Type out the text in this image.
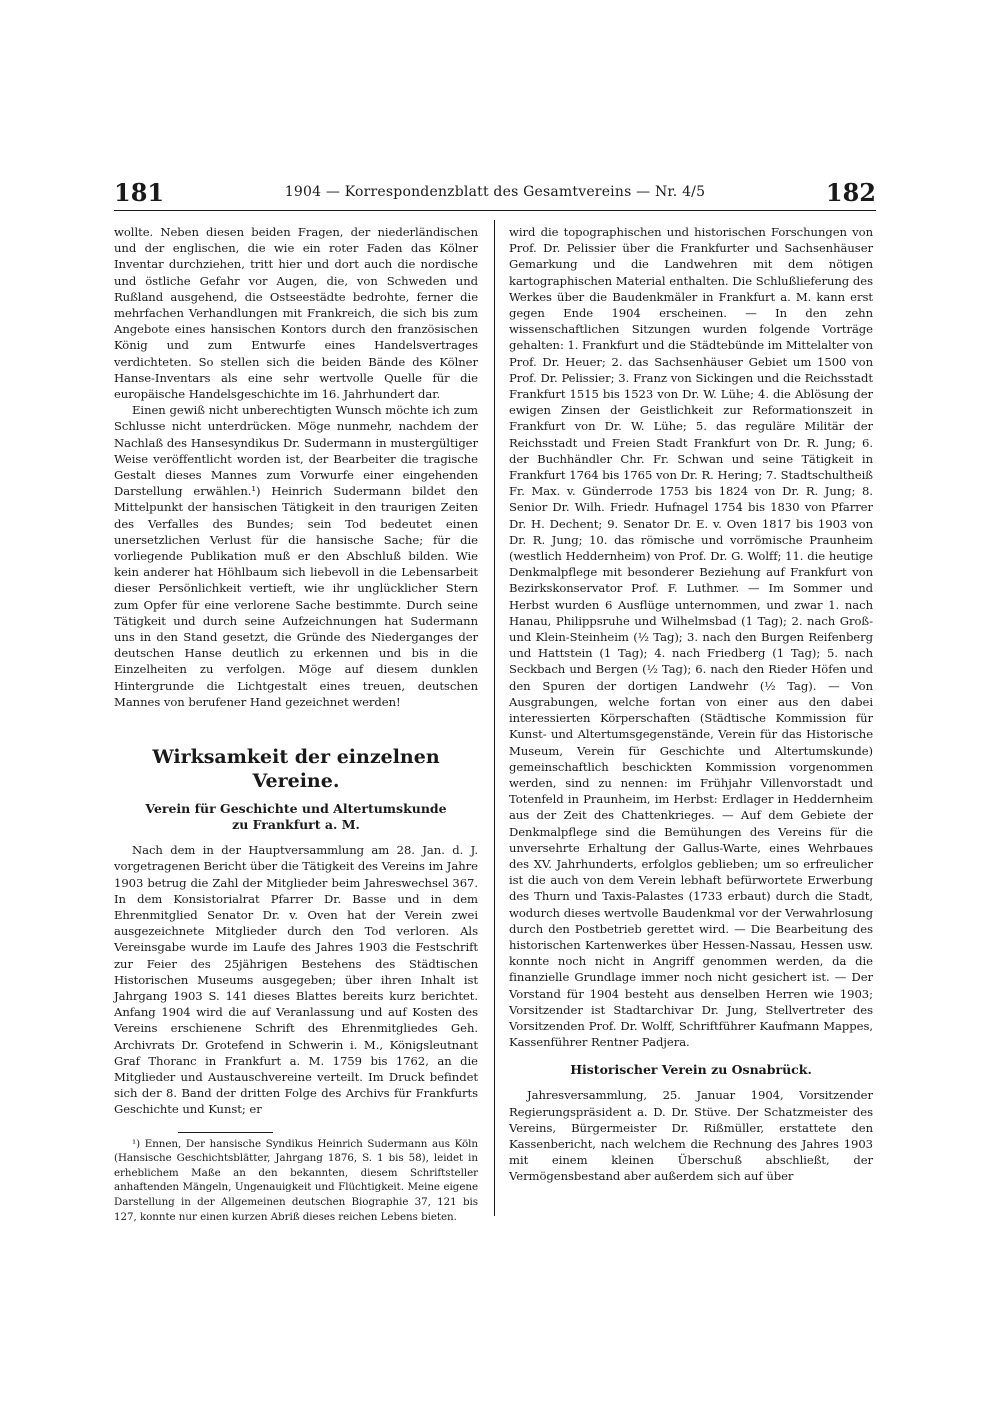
181	1904 — Korrespondenzblatt des Gesamtvereins — Nr. 4/5	182

wollte. Neben diesen beiden Fragen, der niederländischen und der englischen, die wie ein roter Faden das Kölner Inventar durchziehen, tritt hier und dort auch die nordische und östliche Gefahr vor Augen, die, von Schweden und Rußland ausgehend, die Ostseestädte bedrohte, ferner die mehrfachen Verhandlungen mit Frankreich, die sich bis zum Angebote eines hansischen Kontors durch den französischen König und zum Entwurfe eines Handelsvertrages verdichteten. So stellen sich die beiden Bände des Kölner Hanse-Inventars als eine sehr wertvolle Quelle für die europäische Handelsgeschichte im 16. Jahrhundert dar.

Einen gewiß nicht unberechtigten Wunsch möchte ich zum Schlusse nicht unterdrücken. Möge nunmehr, nachdem der Nachlaß des Hansesyndikus Dr. Sudermann in mustergültiger Weise veröffentlicht worden ist, der Bearbeiter die tragische Gestalt dieses Mannes zum Vorwurfe einer eingehenden Darstellung erwählen.¹) Heinrich Sudermann bildet den Mittelpunkt der hansischen Tätigkeit in den traurigen Zeiten des Verfalles des Bundes; sein Tod bedeutet einen unersetzlichen Verlust für die hansische Sache; für die vorliegende Publikation muß er den Abschluß bilden. Wie kein anderer hat Höhlbaum sich liebevoll in die Lebensarbeit dieser Persönlichkeit vertieft, wie ihr unglücklicher Stern zum Opfer für eine verlorene Sache bestimmte. Durch seine Tätigkeit und durch seine Aufzeichnungen hat Sudermann uns in den Stand gesetzt, die Gründe des Niederganges der deutschen Hanse deutlich zu erkennen und bis in die Einzelheiten zu verfolgen. Möge auf diesem dunklen Hintergrunde die Lichtgestalt eines treuen, deutschen Mannes von berufener Hand gezeichnet werden!

Wirksamkeit der einzelnen Vereine.
Verein für Geschichte und Altertumskunde
zu Frankfurt a. M.

Nach dem in der Hauptversammlung am 28. Jan. d. J. vorgetragenen Bericht über die Tätigkeit des Vereins im Jahre 1903 betrug die Zahl der Mitglieder beim Jahreswechsel 367. In dem Konsistorialrat Pfarrer Dr. Basse und in dem Ehrenmitglied Senator Dr. v. Oven hat der Verein zwei ausgezeichnete Mitglieder durch den Tod verloren. Als Vereinsgabe wurde im Laufe des Jahres 1903 die Festschrift zur Feier des 25jährigen Bestehens des Städtischen Historischen Museums ausgegeben; über ihren Inhalt ist Jahrgang 1903 S. 141 dieses Blattes bereits kurz berichtet. Anfang 1904 wird die auf Veranlassung und auf Kosten des Vereins erschienene Schrift des Ehrenmitgliedes Geh. Archivrats Dr. Grotefend in Schwerin i. M., Königsleutnant Graf Thoranc in Frankfurt a. M. 1759 bis 1762, an die Mitglieder und Austauschvereine verteilt. Im Druck befindet sich der 8. Band der dritten Folge des Archivs für Frankfurts Geschichte und Kunst; er

¹) Ennen, Der hansische Syndikus Heinrich Sudermann aus Köln (Hansische Geschichtsblätter, Jahrgang 1876, S. 1 bis 58), leidet in erheblichem Maße an den bekannten, diesem Schriftsteller anhaftenden Mängeln, Ungenauigkeit und Flüchtigkeit. Meine eigene Darstellung in der Allgemeinen deutschen Biographie 37, 121 bis 127, konnte nur einen kurzen Abriß dieses reichen Lebens bieten.

wird die topographischen und historischen Forschungen von Prof. Dr. Pelissier über die Frankfurter und Sachsenhäuser Gemarkung und die Landwehren mit dem nötigen kartographischen Material enthalten. Die Schlußlieferung des Werkes über die Baudenkmäler in Frankfurt a. M. kann erst gegen Ende 1904 erscheinen. — In den zehn wissenschaftlichen Sitzungen wurden folgende Vorträge gehalten: 1. Frankfurt und die Städtebünde im Mittelalter von Prof. Dr. Heuer; 2. das Sachsenhäuser Gebiet um 1500 von Prof. Dr. Pelissier; 3. Franz von Sickingen und die Reichsstadt Frankfurt 1515 bis 1523 von Dr. W. Lühe; 4. die Ablösung der ewigen Zinsen der Geistlichkeit zur Reformationszeit in Frankfurt von Dr. W. Lühe; 5. das reguläre Militär der Reichsstadt und Freien Stadt Frankfurt von Dr. R. Jung; 6. der Buchhändler Chr. Fr. Schwan und seine Tätigkeit in Frankfurt 1764 bis 1765 von Dr. R. Hering; 7. Stadtschultheiß Fr. Max. v. Günderrode 1753 bis 1824 von Dr. R. Jung; 8. Senior Dr. Wilh. Friedr. Hufnagel 1754 bis 1830 von Pfarrer Dr. H. Dechent; 9. Senator Dr. E. v. Oven 1817 bis 1903 von Dr. R. Jung; 10. das römische und vorrömische Praunheim (westlich Heddernheim) von Prof. Dr. G. Wolff; 11. die heutige Denkmalpflege mit besonderer Beziehung auf Frankfurt von Bezirkskonservator Prof. F. Luthmer. — Im Sommer und Herbst wurden 6 Ausflüge unternommen, und zwar 1. nach Hanau, Philippsruhe und Wilhelmsbad (1 Tag); 2. nach Groß- und Klein-Steinheim (½ Tag); 3. nach den Burgen Reifenberg und Hattstein (1 Tag); 4. nach Friedberg (1 Tag); 5. nach Seckbach und Bergen (½ Tag); 6. nach den Rieder Höfen und den Spuren der dortigen Landwehr (½ Tag). — Von Ausgrabungen, welche fortan von einer aus den dabei interessierten Körperschaften (Städtische Kommission für Kunst- und Altertumsgegenstände, Verein für das Historische Museum, Verein für Geschichte und Altertumskunde) gemeinschaftlich beschickten Kommission vorgenommen werden, sind zu nennen: im Frühjahr Villenvorstadt und Totenfeld in Praunheim, im Herbst: Erdlager in Heddernheim aus der Zeit des Chattenkrieges. — Auf dem Gebiete der Denkmalpflege sind die Bemühungen des Vereins für die unversehrte Erhaltung der Gallus-Warte, eines Wehrbaues des XV. Jahrhunderts, erfolglos geblieben; um so erfreulicher ist die auch von dem Verein lebhaft befürwortete Erwerbung des Thurn und Taxis-Palastes (1733 erbaut) durch die Stadt, wodurch dieses wertvolle Baudenkmal vor der Verwahrlosung durch den Postbetrieb gerettet wird. — Die Bearbeitung des historischen Kartenwerkes über Hessen-Nassau, Hessen usw. konnte noch nicht in Angriff genommen werden, da die finanzielle Grundlage immer noch nicht gesichert ist. — Der Vorstand für 1904 besteht aus denselben Herren wie 1903; Vorsitzender ist Stadtarchivar Dr. Jung, Stellvertreter des Vorsitzenden Prof. Dr. Wolff, Schriftführer Kaufmann Mappes, Kassenführer Rentner Padjera.

Historischer Verein zu Osnabrück.

Jahresversammlung, 25. Januar 1904, Vorsitzender Regierungspräsident a. D. Dr. Stüve. Der Schatzmeister des Vereins, Bürgermeister Dr. Rißmüller, erstattete den Kassenbericht, nach welchem die Rechnung des Jahres 1903 mit einem kleinen Überschuß abschließt, der Vermögensbestand aber außerdem sich auf über
